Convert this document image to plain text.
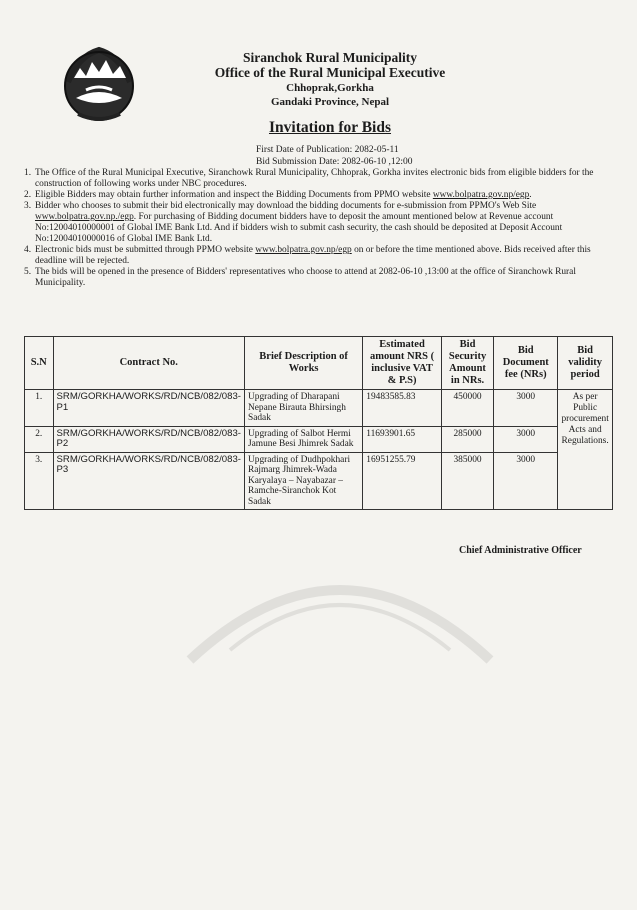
Siranchok Rural Municipality
Office of the Rural Municipal Executive
Chhoprak,Gorkha
Gandaki Province, Nepal
Invitation for Bids
First Date of Publication: 2082-05-11
Bid Submission Date: 2082-06-10 ,12:00
1. The Office of the Rural Municipal Executive, Siranchowk Rural Municipality, Chhoprak, Gorkha invites electronic bids from eligible bidders for the construction of following works under NBC procedures.
2. Eligible Bidders may obtain further information and inspect the Bidding Documents from PPMO website www.bolpatra.gov.np/egp.
3. Bidder who chooses to submit their bid electronically may download the bidding documents for e-submission from PPMO's Web Site www.bolpatra.gov.np./egp. For purchasing of Bidding document bidders have to deposit the amount mentioned below at Revenue account No:12004010000001 of Global IME Bank Ltd. And if bidders wish to submit cash security, the cash should be deposited at Deposit Account No:12004010000016 of Global IME Bank Ltd.
4. Electronic bids must be submitted through PPMO website www.bolpatra.gov.np/egp on or before the time mentioned above. Bids received after this deadline will be rejected.
5. The bids will be opened in the presence of Bidders' representatives who choose to attend at 2082-06-10 ,13:00 at the office of Siranchowk Rural Municipality.
S.N	Contract No.	Brief Description of Works	Estimated amount NRS ( inclusive VAT & P.S)	Bid Security Amount in NRs.	Bid Document fee (NRs)	Bid validity period
1.	SRM/GORKHA/WORKS/RD/NCB/082/083-P1	Upgrading of Dharapani Nepane Birauta Bhirsingh Sadak	19483585.83	450000	3000	As per Public procurement Acts and Regulations.
2.	SRM/GORKHA/WORKS/RD/NCB/082/083-P2	Upgrading of Salbot Hermi Jamune Besi Jhimrek Sadak	11693901.65	285000	3000	
3.	SRM/GORKHA/WORKS/RD/NCB/082/083-P3	Upgrading of Dudhpokhari Rajmarg Jhimrek-Wada Karyalaya – Nayabazar –Ramche-Siranchok Kot Sadak	16951255.79	385000	3000	
Chief Administrative Officer
